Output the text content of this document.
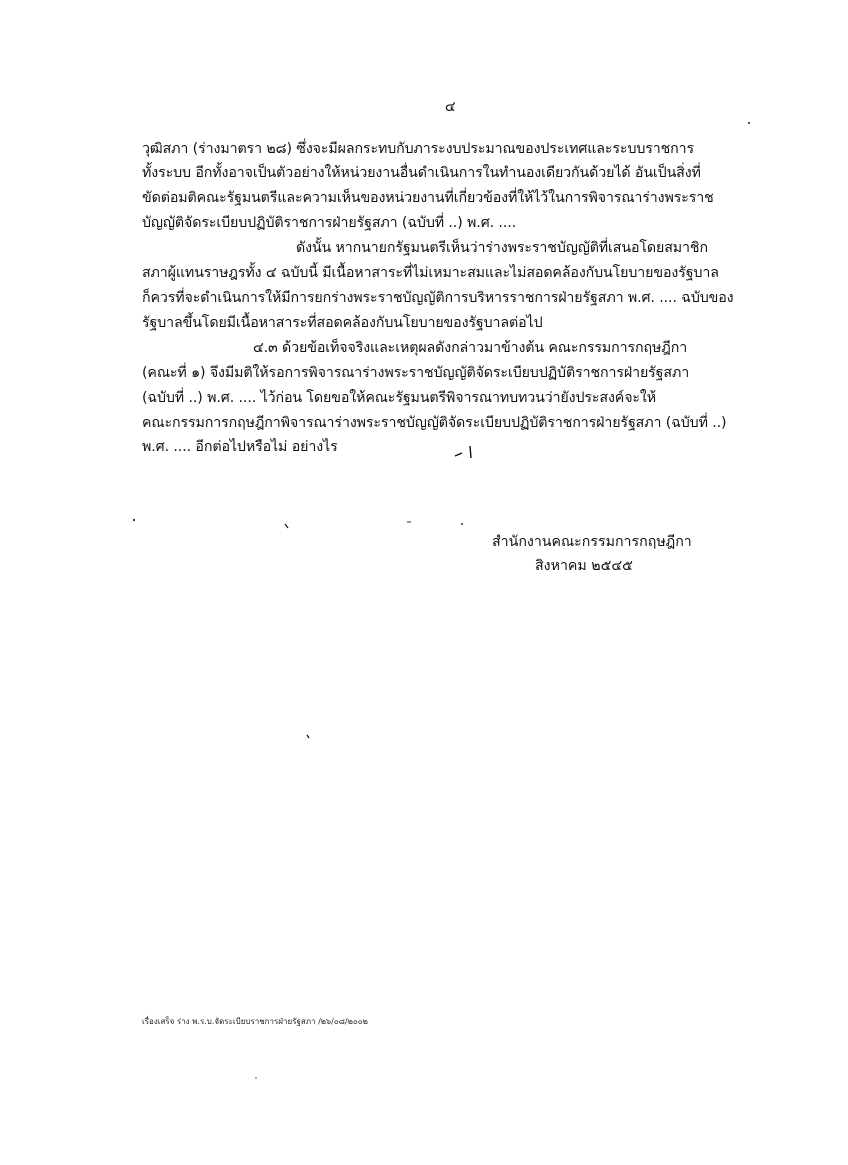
๔
วุฒิสภา (ร่างมาตรา ๒๘) ซึ่งจะมีผลกระทบกับภาระงบประมาณของประเทศและระบบราชการ
ทั้งระบบ อีกทั้งอาจเป็นตัวอย่างให้หน่วยงานอื่นดำเนินการในทำนองเดียวกันด้วยได้ อันเป็นสิ่งที่
ขัดต่อมติคณะรัฐมนตรีและความเห็นของหน่วยงานที่เกี่ยวข้องที่ให้ไว้ในการพิจารณาร่างพระราช
บัญญัติจัดระเบียบปฏิบัติราชการฝ่ายรัฐสภา (ฉบับที่ ..) พ.ศ. ....
ดังนั้น หากนายกรัฐมนตรีเห็นว่าร่างพระราชบัญญัติที่เสนอโดยสมาชิก
สภาผู้แทนราษฎรทั้ง ๔ ฉบับนี้ มีเนื้อหาสาระที่ไม่เหมาะสมและไม่สอดคล้องกับนโยบายของรัฐบาล
ก็ควรที่จะดำเนินการให้มีการยกร่างพระราชบัญญัติการบริหารราชการฝ่ายรัฐสภา พ.ศ. .... ฉบับของ
รัฐบาลขึ้นโดยมีเนื้อหาสาระที่สอดคล้องกับนโยบายของรัฐบาลต่อไป
๔.๓ ด้วยข้อเท็จจริงและเหตุผลดังกล่าวมาข้างต้น คณะกรรมการกฤษฎีกา
(คณะที่ ๑) จึงมีมติให้รอการพิจารณาร่างพระราชบัญญัติจัดระเบียบปฏิบัติราชการฝ่ายรัฐสภา
(ฉบับที่ ..) พ.ศ. .... ไว้ก่อน โดยขอให้คณะรัฐมนตรีพิจารณาทบทวนว่ายังประสงค์จะให้
คณะกรรมการกฤษฎีกาพิจารณาร่างพระราชบัญญัติจัดระเบียบปฏิบัติราชการฝ่ายรัฐสภา (ฉบับที่ ..)
พ.ศ. .... อีกต่อไปหรือไม่ อย่างไร
สำนักงานคณะกรรมการกฤษฎีกา
สิงหาคม ๒๕๔๕
เรื่องเสร็จ ร่าง พ.ร.บ.จัดระเบียบราชการฝ่ายรัฐสภา /๒๖/๐๘/๒๐๐๒
